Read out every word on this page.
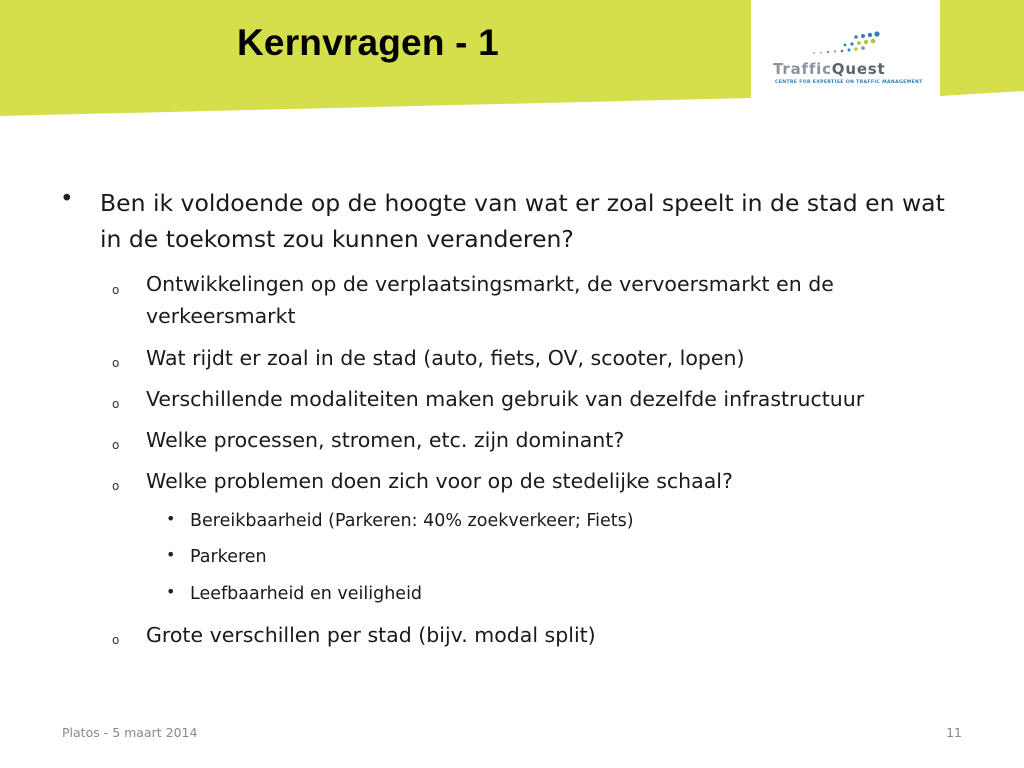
Kernvragen - 1
TrafficQuest
CENTRE FOR EXPERTISE ON TRAFFIC MANAGEMENT
• Ben ik voldoende op de hoogte van wat er zoal speelt in de stad en wat in de toekomst zou kunnen veranderen?

o Ontwikkelingen op de verplaatsingsmarkt, de vervoersmarkt en de verkeersmarkt

o Wat rijdt er zoal in de stad (auto, fiets, OV, scooter, lopen)

o Verschillende modaliteiten maken gebruik van dezelfde infrastructuur

o Welke processen, stromen, etc. zijn dominant?

o Welke problemen doen zich voor op de stedelijke schaal?

• Bereikbaarheid (Parkeren: 40% zoekverkeer; Fiets)

• Parkeren

• Leefbaarheid en veiligheid

o Grote verschillen per stad (bijv. modal split)

Platos - 5 maart 2014	11
